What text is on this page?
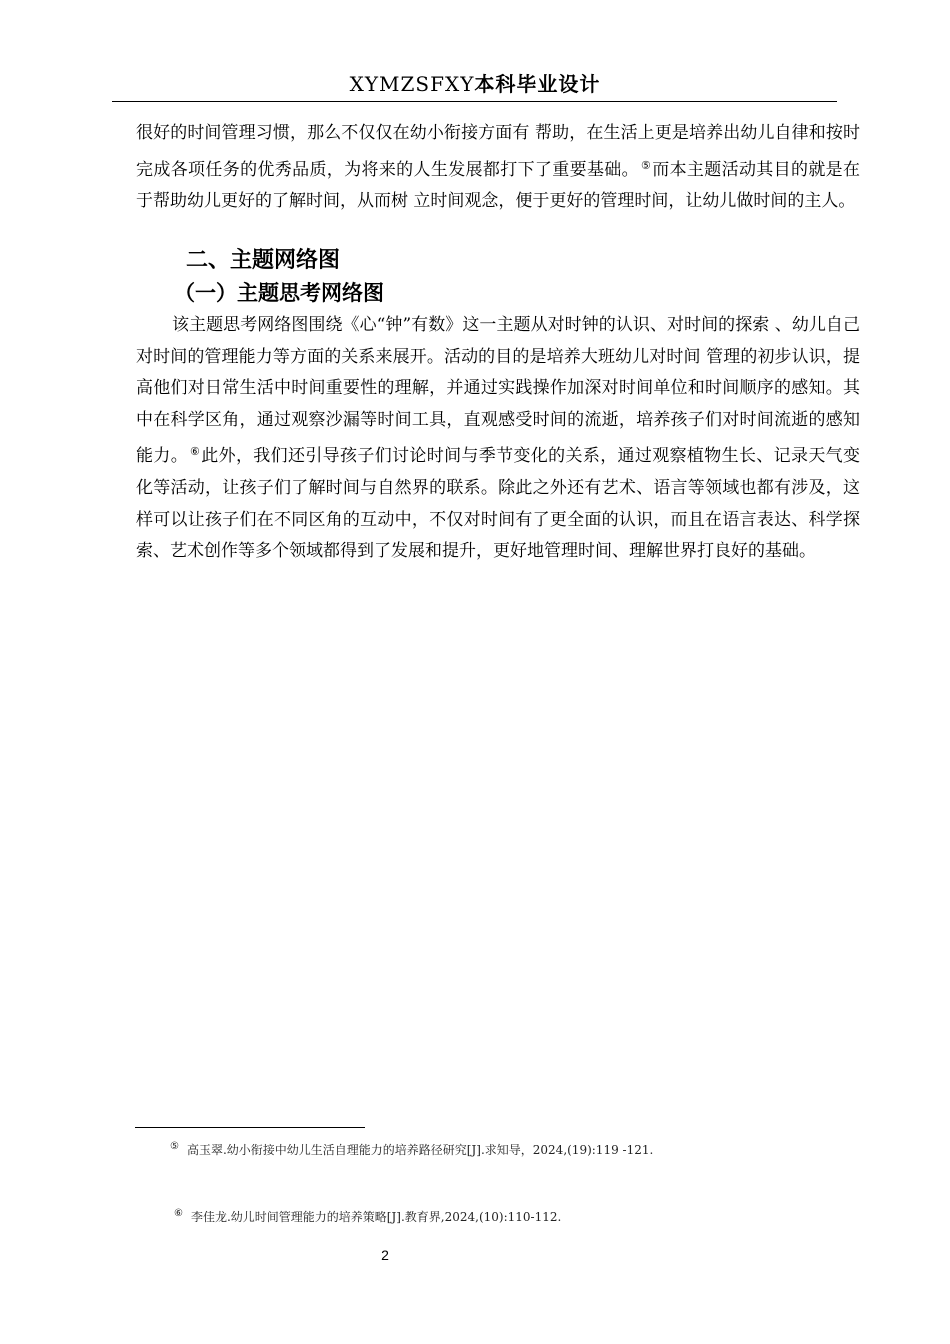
XYMZSFXY本科毕业设计

很好的时间管理习惯，那么不仅仅在幼小衔接方面有 帮助，在生活上更是培养出幼儿自律和按时完成各项任务的优秀品质，为将来的人生发展都打下了重要基础。 ⑤而本主题活动其目的就是在于帮助幼儿更好的了解时间，从而树 立时间观念，便于更好的管理时间，让幼儿做时间的主人。

二、主题网络图
（一）主题思考网络图

该主题思考网络图围绕《心“钟”有数》这一主题从对时钟的认识、对时间的探索 、幼儿自己对时间的管理能力等方面的关系来展开。活动的目的是培养大班幼儿对时间 管理的初步认识，提高他们对日常生活中时间重要性的理解，并通过实践操作加深对时间单位和时间顺序的感知。其中在科学区角，通过观察沙漏等时间工具，直观感受时间的流逝，培养孩子们对时间流逝的感知能力。 ⑥此外，我们还引导孩子们讨论时间与季节变化的关系，通过观察植物生长、记录天气变化等活动，让孩子们了解时间与自然界的联系。除此之外还有艺术、语言等领域也都有涉及，这样可以让孩子们在不同区角的互动中，不仅对时间有了更全面的认识，而且在语言表达、科学探索、艺术创作等多个领域都得到了发展和提升，更好地管理时间、理解世界打良好的基础。

⑤ 高玉翠.幼小衔接中幼儿生活自理能力的培养路径研究[J].求知导，2024,(19):119 -121.

⑥ 李佳龙.幼儿时间管理能力的培养策略[J].教育界,2024,(10):110-112.

2
